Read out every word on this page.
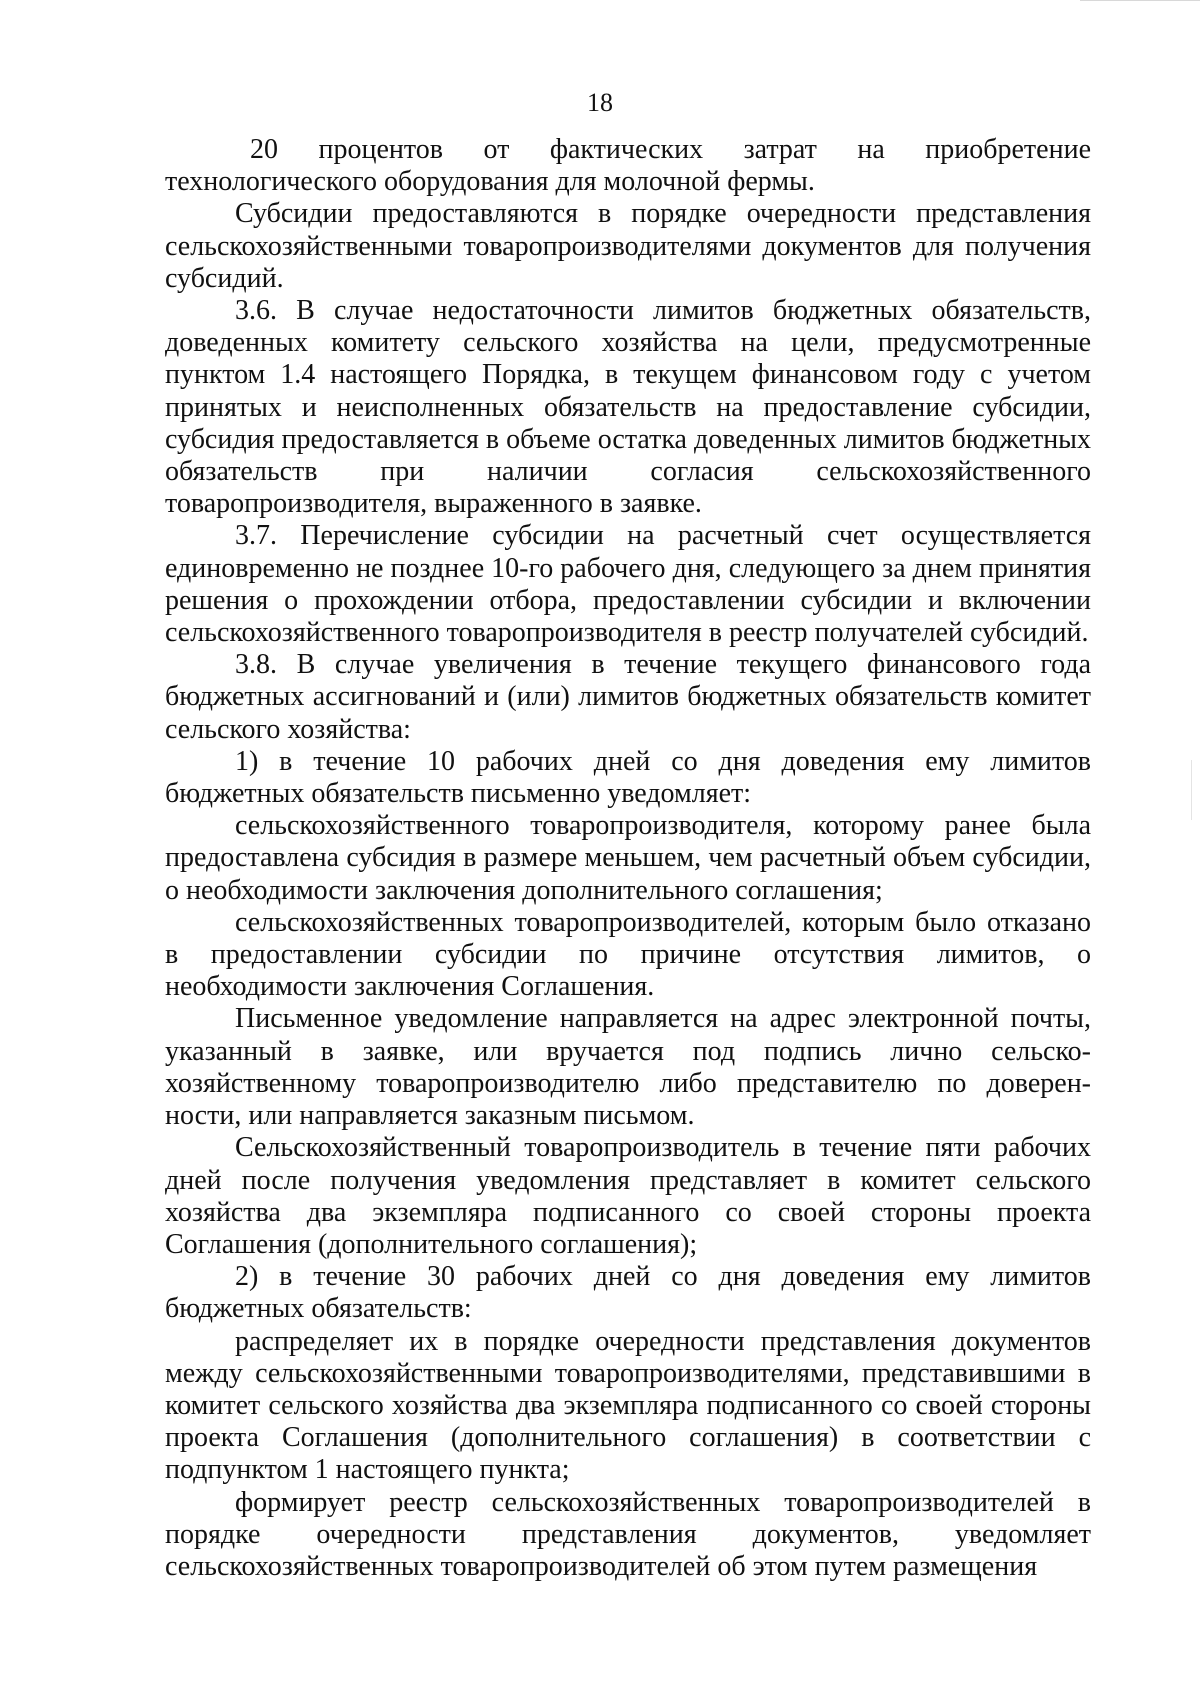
18

20 процентов от фактических затрат на приобретение технологического оборудования для молочной фермы.

Субсидии предоставляются в порядке очередности представления сельскохозяйственными товаропроизводителями документов для получения субсидий.

3.6. В случае недостаточности лимитов бюджетных обязательств, доведенных комитету сельского хозяйства на цели, предусмотренные пунктом 1.4 настоящего Порядка, в текущем финансовом году с учетом принятых и неисполненных обязательств на предоставление субсидии, субсидия предоставляется в объеме остатка доведенных лимитов бюджетных обязательств при наличии согласия сельскохозяйственного товаропроизводителя, выраженного в заявке.

3.7. Перечисление субсидии на расчетный счет осуществляется единовременно не позднее 10-го рабочего дня, следующего за днем принятия решения о прохождении отбора, предоставлении субсидии и включении сельскохозяйственного товаропроизводителя в реестр получателей субсидий.

3.8. В случае увеличения в течение текущего финансового года бюджетных ассигнований и (или) лимитов бюджетных обязательств комитет сельского хозяйства:

1) в течение 10 рабочих дней со дня доведения ему лимитов бюджетных обязательств письменно уведомляет:

сельскохозяйственного товаропроизводителя, которому ранее была предоставлена субсидия в размере меньшем, чем расчетный объем субсидии, о необходимости заключения дополнительного соглашения;

сельскохозяйственных товаропроизводителей, которым было отказано в предоставлении субсидии по причине отсутствия лимитов, о необходимости заключения Соглашения.

Письменное уведомление направляется на адрес электронной почты, указанный в заявке, или вручается под подпись лично сельскохозяйственному товаропроизводителю либо представителю по доверенности, или направляется заказным письмом.

Сельскохозяйственный товаропроизводитель в течение пяти рабочих дней после получения уведомления представляет в комитет сельского хозяйства два экземпляра подписанного со своей стороны проекта Соглашения (дополнительного соглашения);

2) в течение 30 рабочих дней со дня доведения ему лимитов бюджетных обязательств:

распределяет их в порядке очередности представления документов между сельскохозяйственными товаропроизводителями, представившими в комитет сельского хозяйства два экземпляра подписанного со своей стороны проекта Соглашения (дополнительного соглашения) в соответствии с подпунктом 1 настоящего пункта;

формирует реестр сельскохозяйственных товаропроизводителей в порядке очередности представления документов, уведомляет сельскохозяйственных товаропроизводителей об этом путем размещения
